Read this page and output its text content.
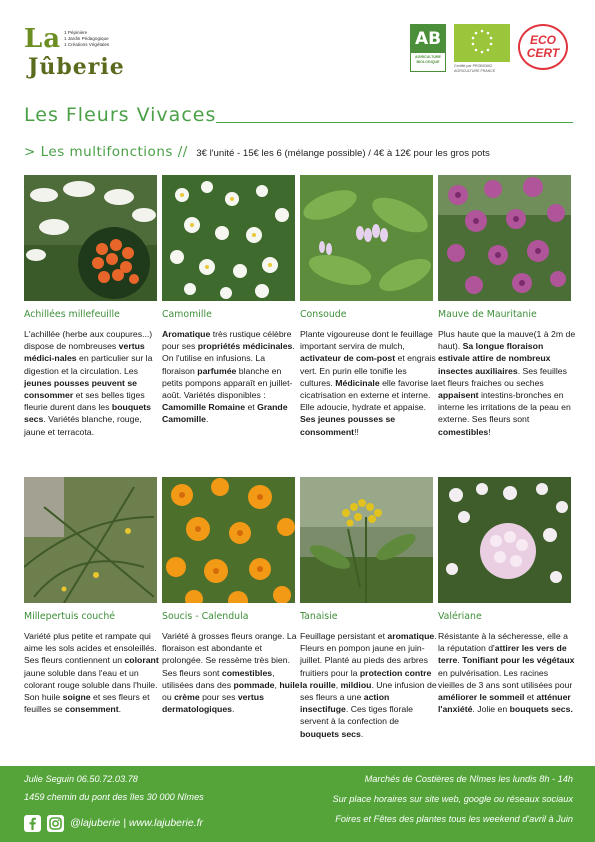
La 1 Pépinière
1 Jardin Pédagogique
1 Créations Végétales
Jûberie
AB
AGRICULTURE BIOLOGIQUE
Certifié par PROBIOMO AGRICULTURE FRANCE
ECO CERT
Les Fleurs Vivaces
> Les multifonctions // 3€ l'unité - 15€ les 6 (mélange possible) / 4€ à 12€ pour les gros pots
Achillées millefeuille
L'achillée (herbe aux coupures...) dispose de nombreuses vertus médici-nales en particulier sur la digestion et la circulation. Les jeunes pousses peuvent se consommer et ses belles tiges fleurie durent dans les bouquets secs. Variétés blanche, rouge, jaune et terracota.
Camomille
Aromatique très rustique célèbre pour ses propriétés médicinales. On l'utilise en infusions. La floraison parfumée blanche en petits pompons apparaît en juillet-août. Variétés disponibles : Camomille Romaine et Grande Camomille.
Consoude
Plante vigoureuse dont le feuillage important servira de mulch, activateur de com-post et engrais vert. En purin elle tonifie les cultures. Médicinale elle favorise la cicatrisation en externe et interne. Elle adoucie, hydrate et appaise. Ses jeunes pousses se consomment!!
Mauve de Mauritanie
Plus haute que la mauve(1 à 2m de haut). Sa longue floraison estivale attire de nombreux insectes auxiliaires. Ses feuilles et fleurs fraiches ou seches appaisent intestins-bronches en interne les irritations de la peau en externe. Ses fleurs sont comestibles!
Millepertuis couché
Variété plus petite et rampate qui aime les sols acides et ensoleillés. Ses fleurs contiennent un colorant jaune soluble dans l'eau et un colorant rouge soluble dans l'huile. Son huile soigne et ses fleurs et feuilles se consemment.
Soucis - Calendula
Variété à grosses fleurs orange. La floraison est abondante et prolongée. Se ressème très bien. Ses fleurs sont comestibles, utilisées dans des pommade, huile ou crème pour ses vertus dermatologiques.
Tanaisie
Feuillage persistant et aromatique. Fleurs en pompon jaune en juin-juillet. Planté au pieds des arbres fruitiers pour la protection contre la rouille, mildiou. Une infusion de ses fleurs a une action insectifuge. Ces tiges florale servent à la confection de bouquets secs.
Valériane
Résistante à la sécheresse, elle a la réputation d'attirer les vers de terre. Tonifiant pour les végétaux en pulvérisation. Les racines vieilles de 3 ans sont utilisées pour améliorer le sommeil et atténuer l'anxiété. Jolie en bouquets secs.
Julie Seguin 06.50.72.03.78
1459 chemin du pont des îles 30 000 Nîmes
@lajuberie | www.lajuberie.fr
Marchés de Costières de Nîmes les lundis 8h - 14h
Sur place horaires sur site web, google ou réseaux sociaux
Foires et Fêtes des plantes tous les weekend d'avril à Juin
